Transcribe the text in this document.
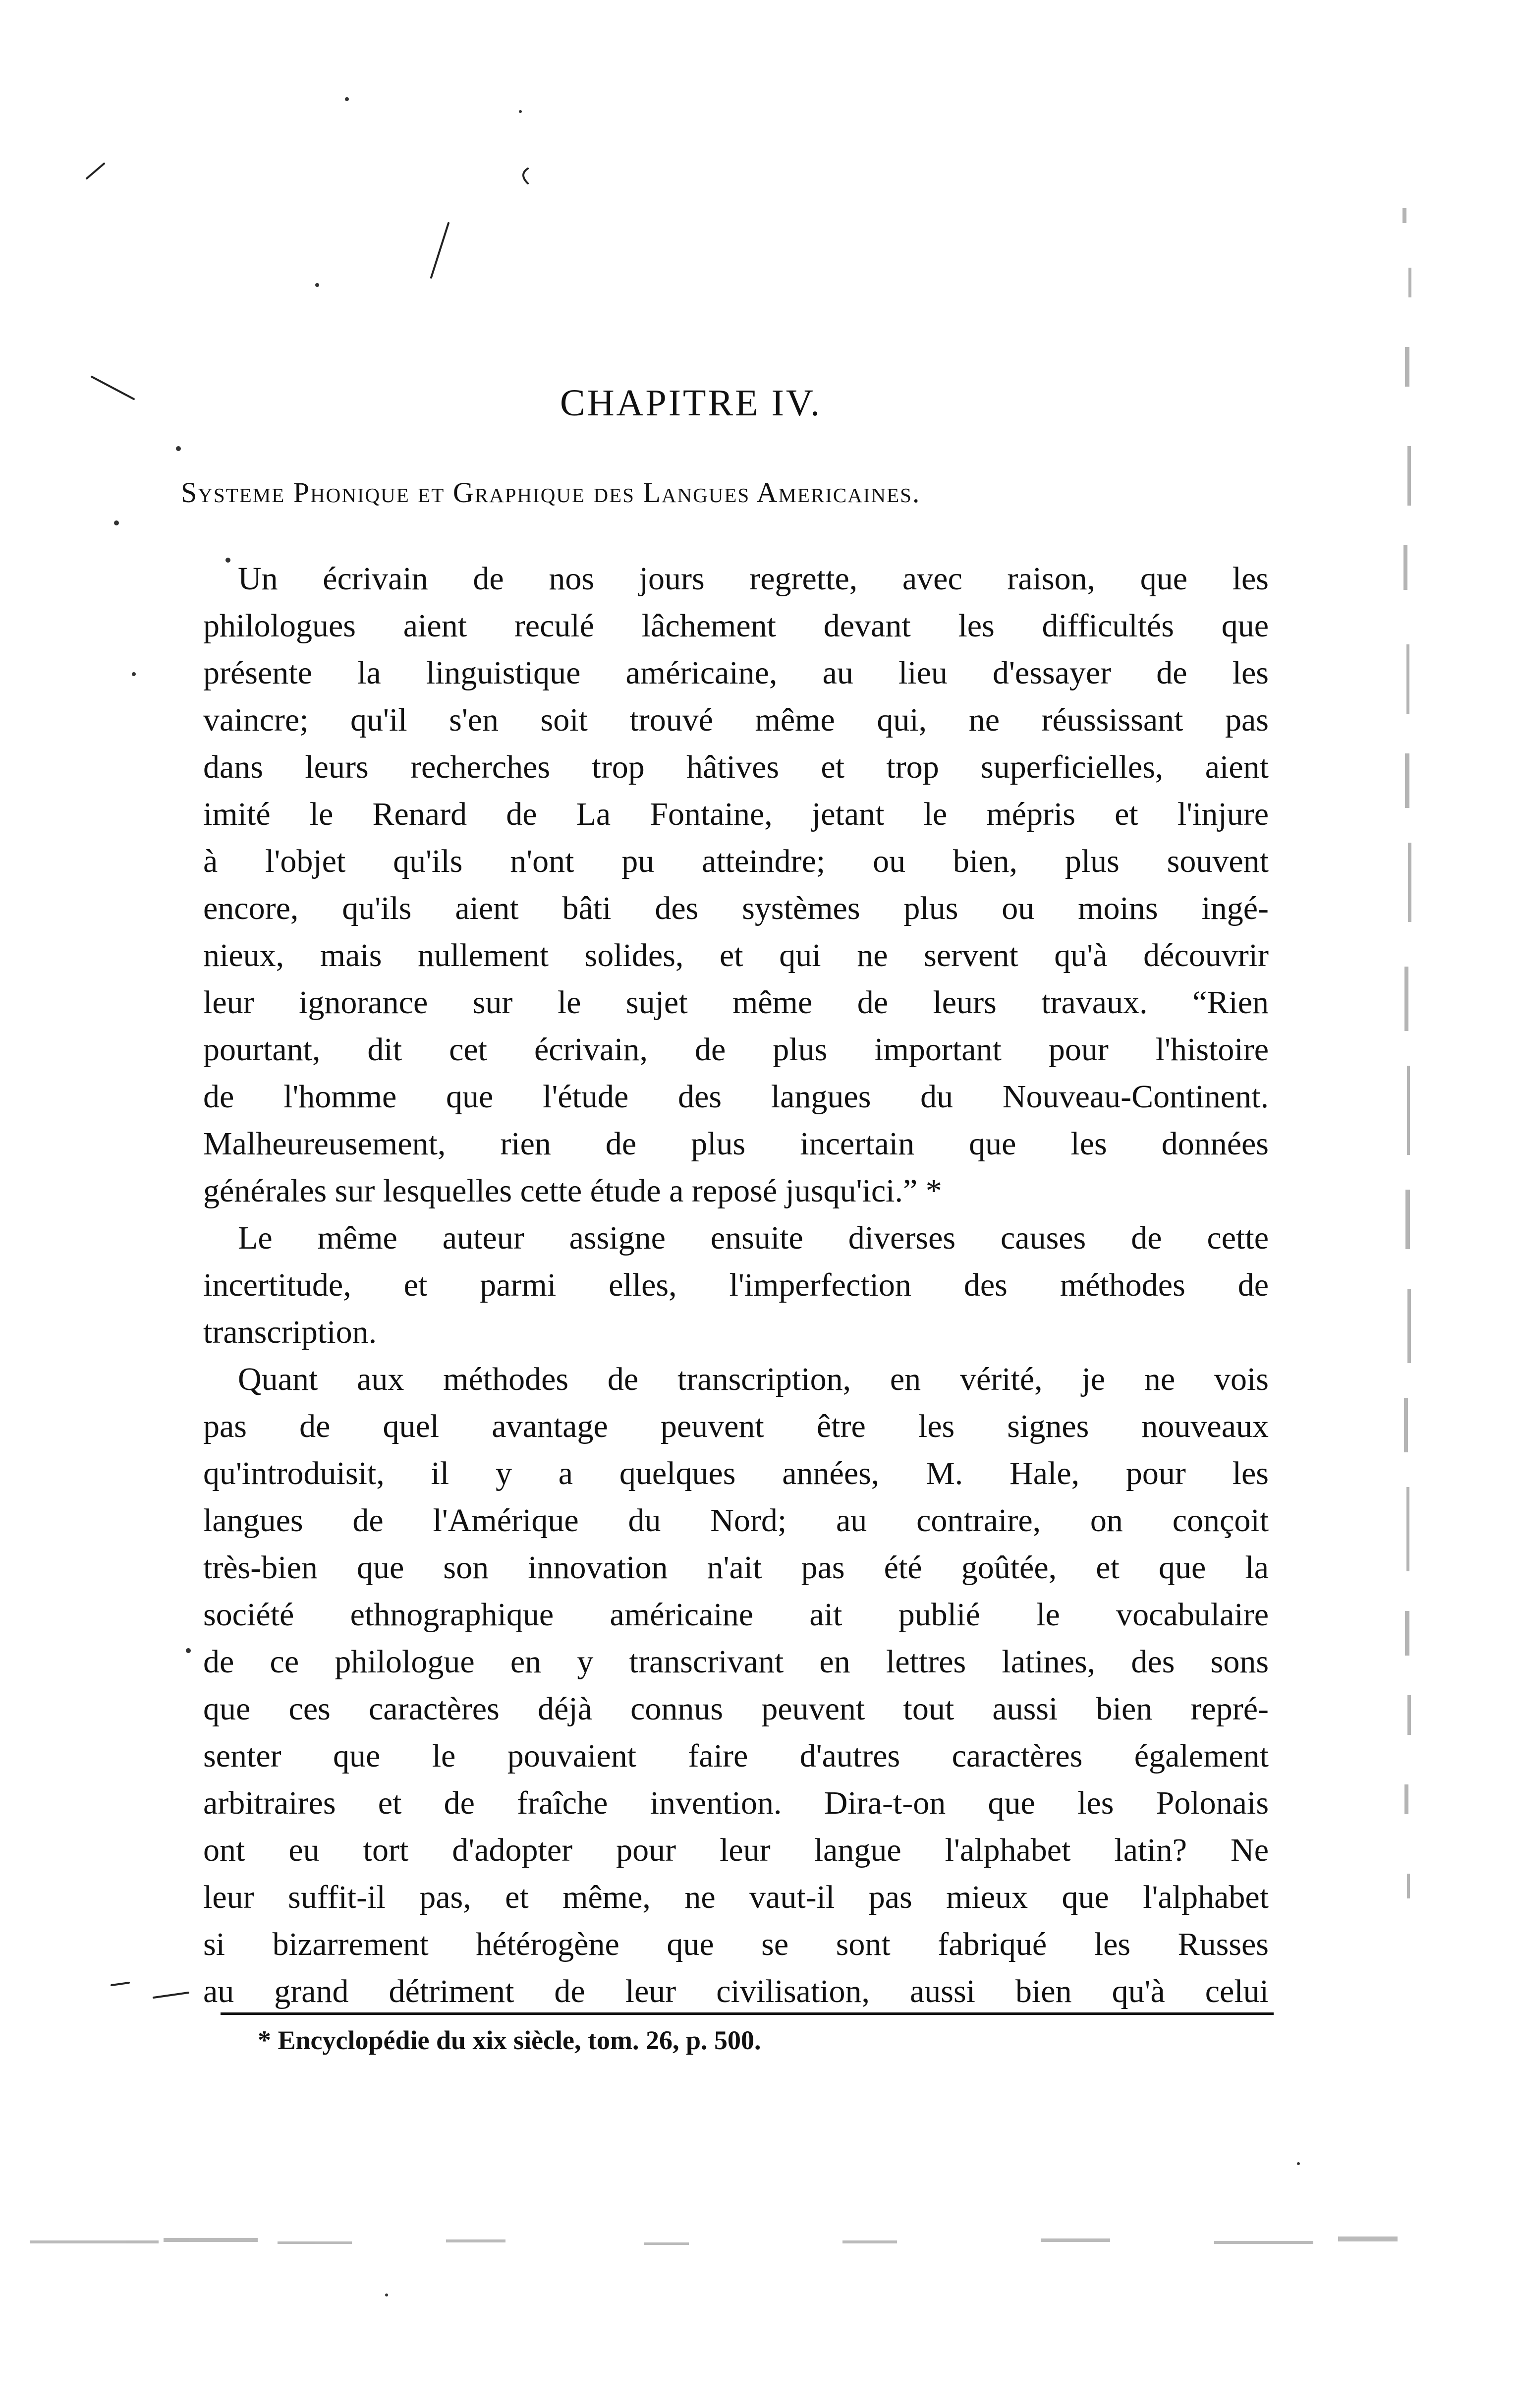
CHAPITRE IV.
Systeme Phonique et Graphique des Langues Americaines.
Un écrivain de nos jours regrette, avec raison, que les
philologues aient reculé lâchement devant les difficultés que
présente la linguistique américaine, au lieu d'essayer de les
vaincre; qu'il s'en soit trouvé même qui, ne réussissant pas
dans leurs recherches trop hâtives et trop superficielles, aient
imité le Renard de La Fontaine, jetant le mépris et l'injure
à l'objet qu'ils n'ont pu atteindre; ou bien, plus souvent
encore, qu'ils aient bâti des systèmes plus ou moins ingé-
nieux, mais nullement solides, et qui ne servent qu'à découvrir
leur ignorance sur le sujet même de leurs travaux. “Rien
pourtant, dit cet écrivain, de plus important pour l'histoire
de l'homme que l'étude des langues du Nouveau-Continent.
Malheureusement, rien de plus incertain que les données
générales sur lesquelles cette étude a reposé jusqu'ici.” *
Le même auteur assigne ensuite diverses causes de cette
incertitude, et parmi elles, l'imperfection des méthodes de
transcription.
Quant aux méthodes de transcription, en vérité, je ne vois
pas de quel avantage peuvent être les signes nouveaux
qu'introduisit, il y a quelques années, M. Hale, pour les
langues de l'Amérique du Nord; au contraire, on conçoit
très-bien que son innovation n'ait pas été goûtée, et que la
société ethnographique américaine ait publié le vocabulaire
de ce philologue en y transcrivant en lettres latines, des sons
que ces caractères déjà connus peuvent tout aussi bien repré-
senter que le pouvaient faire d'autres caractères également
arbitraires et de fraîche invention. Dira-t-on que les Polonais
ont eu tort d'adopter pour leur langue l'alphabet latin? Ne
leur suffit-il pas, et même, ne vaut-il pas mieux que l'alphabet
si bizarrement hétérogène que se sont fabriqué les Russes
au grand détriment de leur civilisation, aussi bien qu'à celui
* Encyclopédie du xix siècle, tom. 26, p. 500.
